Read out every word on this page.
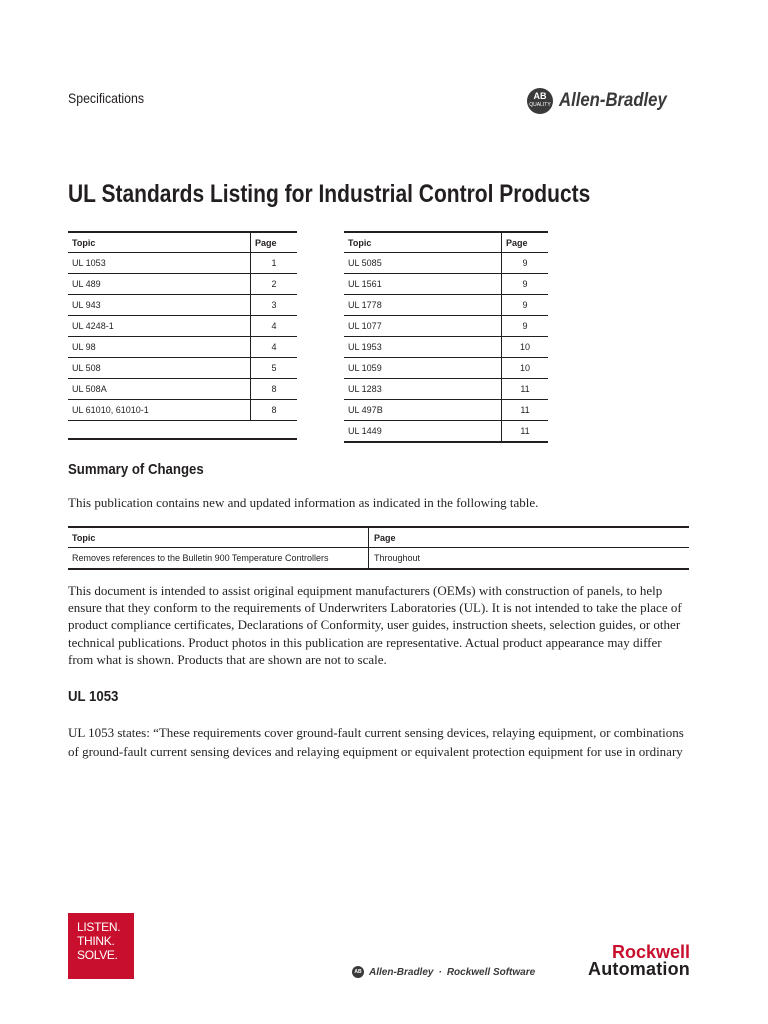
Specifications	AB
QUALITY Allen-Bradley
UL Standards Listing for Industrial Control Products
Topic	Page
UL 1053	1
UL 489	2
UL 943	3
UL 4248-1	4
UL 98	4
UL 508	5
UL 508A	8
UL 61010, 61010-1	8

Topic	Page
UL 5085	9
UL 1561	9
UL 1778	9
UL 1077	9
UL 1953	10
UL 1059	10
UL 1283	11
UL 497B	11
UL 1449	11
Summary of Changes
This publication contains new and updated information as indicated in the following table.
Topic	Page
Removes references to the Bulletin 900 Temperature Controllers	Throughout
This document is intended to assist original equipment manufacturers (OEMs) with construction of panels, to help ensure that they conform to the requirements of Underwriters Laboratories (UL). It is not intended to take the place of product compliance certificates, Declarations of Conformity, user guides, instruction sheets, selection guides, or other technical publications. Product photos in this publication are representative. Actual product appearance may differ from what is shown. Products that are shown are not to scale.
UL 1053
UL 1053 states: “These requirements cover ground-fault current sensing devices, relaying equipment, or combinations of ground-fault current sensing devices and relaying equipment or equivalent protection equipment for use in ordinary
LISTEN.
THINK.
SOLVE.
AB Allen-Bradley · Rockwell Software
Rockwell
Automation
